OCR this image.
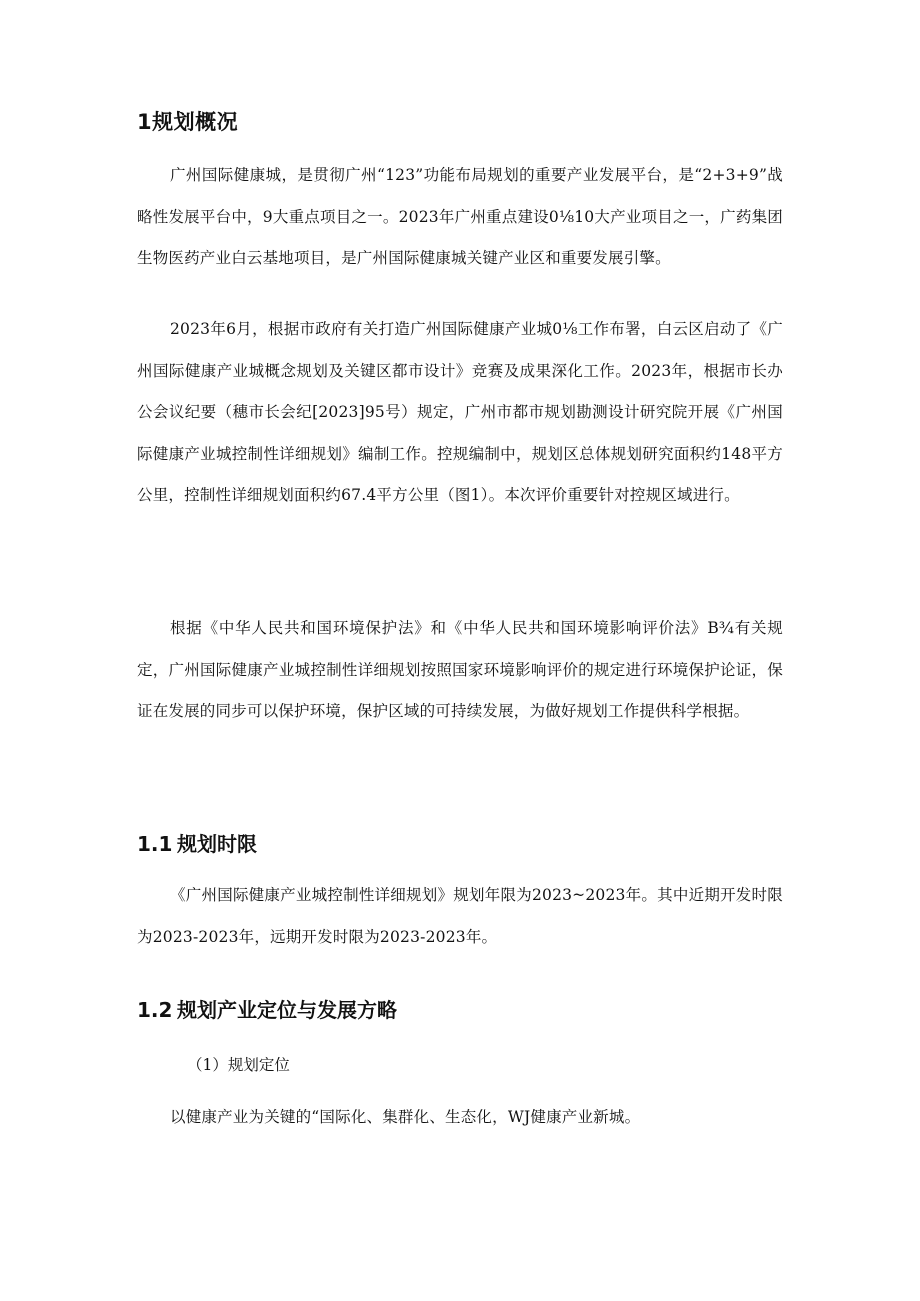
1规划概况

广州国际健康城，是贯彻广州“123”功能布局规划的重要产业发展平台，是“2+3+9”战略性发展平台中，9大重点项目之一。2023年广州重点建设0⅛10大产业项目之一，广药集团生物医药产业白云基地项目，是广州国际健康城关键产业区和重要发展引擎。

2023年6月，根据市政府有关打造广州国际健康产业城0⅛工作布署，白云区启动了《广州国际健康产业城概念规划及关键区都市设计》竞赛及成果深化工作。2023年，根据市长办公会议纪要（穗市长会纪[2023]95号）规定，广州市都市规划勘测设计研究院开展《广州国际健康产业城控制性详细规划》编制工作。控规编制中，规划区总体规划研究面积约148平方公里，控制性详细规划面积约67.4平方公里（图1）。本次评价重要针对控规区域进行。

根据《中华人民共和国环境保护法》和《中华人民共和国环境影响评价法》B¾有关规定，广州国际健康产业城控制性详细规划按照国家环境影响评价的规定进行环境保护论证，保证在发展的同步可以保护环境，保护区域的可持续发展，为做好规划工作提供科学根据。

1.1 规划时限

《广州国际健康产业城控制性详细规划》规划年限为2023~2023年。其中近期开发时限为2023-2023年，远期开发时限为2023-2023年。

1.2 规划产业定位与发展方略

（1）规划定位

以健康产业为关键的“国际化、集群化、生态化，WJ健康产业新城。
